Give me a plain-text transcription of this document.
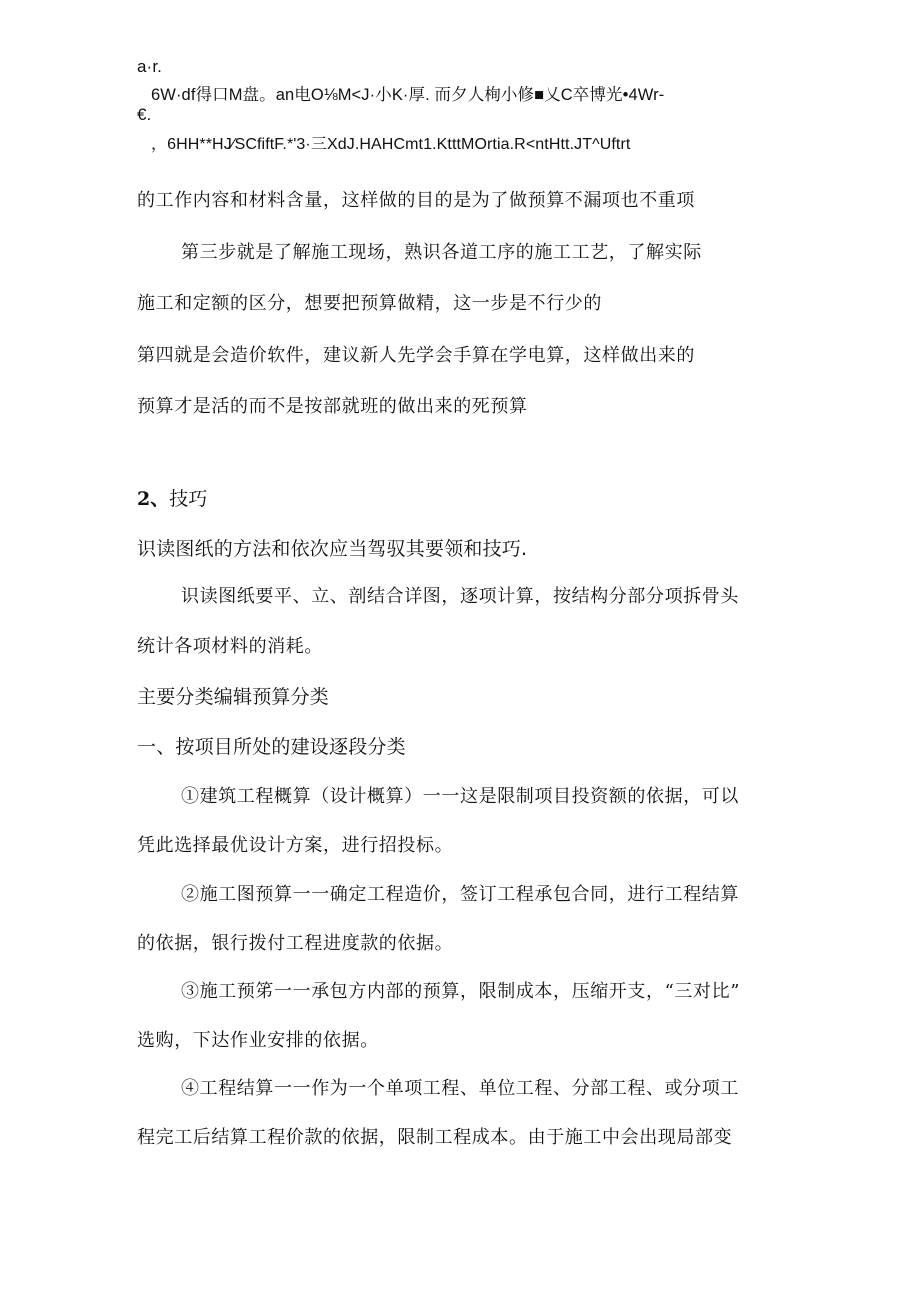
a·r.

6W·df得口M盘。an电O⅛M<J·小K·厚. 而夕人栒小修■乂C卒博光•4Wr-

€.

，6HH**HJ∕SCfiftF.*'3·三XdJ.HAHCmt1.KtttMOrtia.R<ntHtt.JT^Uftrt

的工作内容和材料含量，这样做的目的是为了做预算不漏项也不重项

第三步就是了解施工现场，熟识各道工序的施工工艺，了解实际

施工和定额的区分，想要把预算做精，这一步是不行少的

第四就是会造价软件，建议新人先学会手算在学电算，这样做出来的

预算才是活的而不是按部就班的做出来的死预算

2、技巧

识读图纸的方法和依次应当驾驭其要领和技巧.

识读图纸要平、立、剖结合详图，逐项计算，按结构分部分项拆骨头

统计各项材料的消耗。

主要分类编辑预算分类

一、按项目所处的建设逐段分类

①建筑工程概算（设计概算）一一这是限制项目投资额的依据，可以

凭此选择最优设计方案，进行招投标。

②施工图预算一一确定工程造价，签订工程承包合同，进行工程结算

的依据，银行拨付工程进度款的依据。

③施工预笫一一承包方内部的预算，限制成本，压缩开支，“三对比”

选购，下达作业安排的依据。

④工程结算一一作为一个单项工程、单位工程、分部工程、或分项工

程完工后结算工程价款的依据，限制工程成本。由于施工中会出现局部变
